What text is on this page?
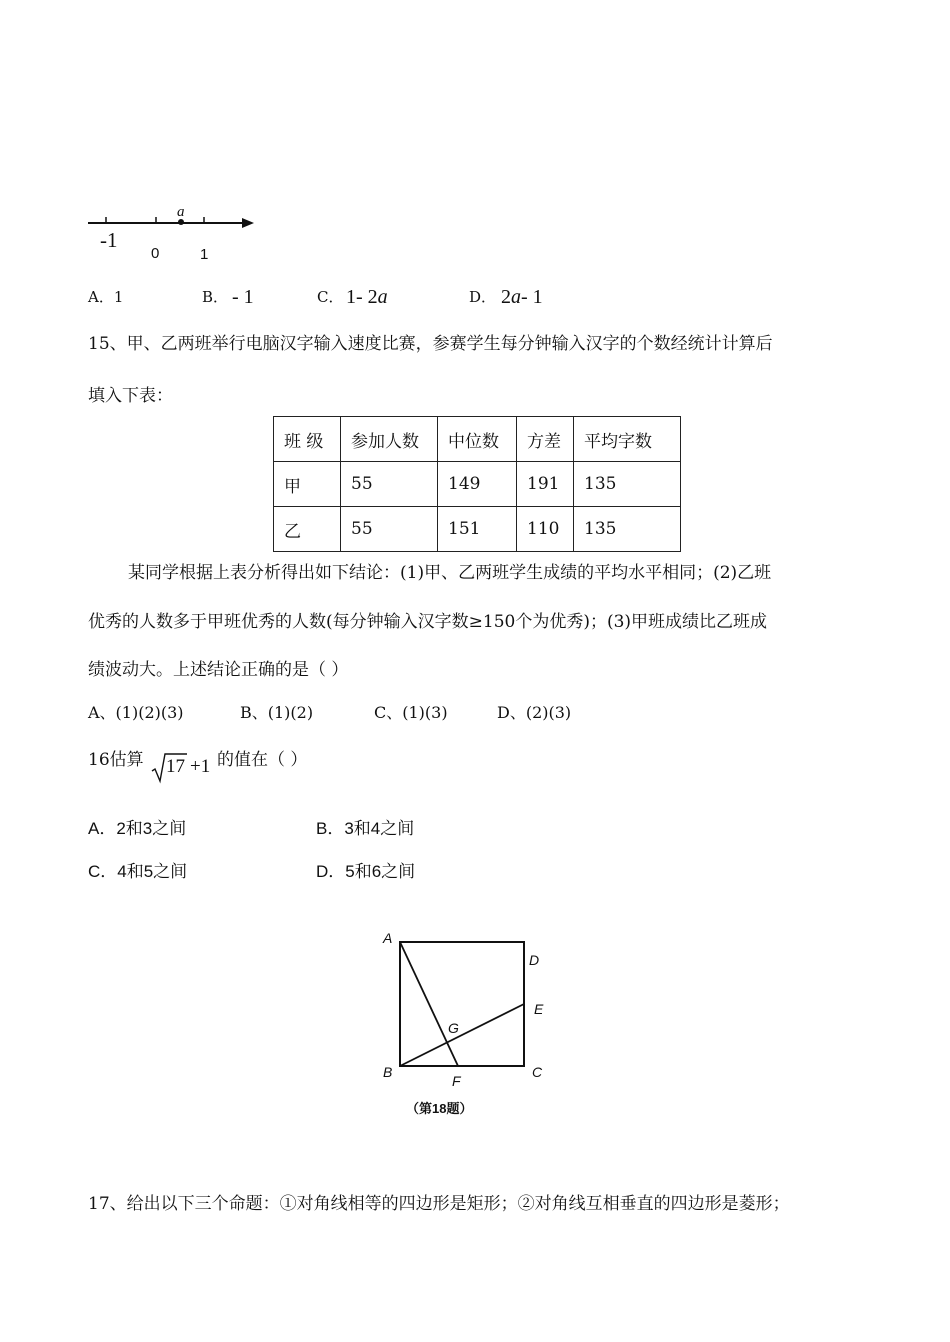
a
-1
0	1
A．1	B． - 1	C． 1- 2a	D． 2a- 1
15、甲、乙两班举行电脑汉字输入速度比赛，参赛学生每分钟输入汉字的个数经统计计算后
填入下表：
班 级	参加人数	中位数	方差	平均字数
甲	55	149	191	135
乙	55	151	110	135
某同学根据上表分析得出如下结论：(1)甲、乙两班学生成绩的平均水平相同；(2)乙班
优秀的人数多于甲班优秀的人数(每分钟输入汉字数≥150个为优秀)；(3)甲班成绩比乙班成
绩波动大。上述结论正确的是（ ）
A、(1)(2)(3)	B、(1)(2)	C、(1)(3)	D、(2)(3)
16估算 17 +1 的值在（ ）
A．2和3之间	B．3和4之间
C．4和5之间	D．5和6之间
A
D
E
G
B	C
F
（第18题）
17、给出以下三个命题：①对角线相等的四边形是矩形；②对角线互相垂直的四边形是菱形；
